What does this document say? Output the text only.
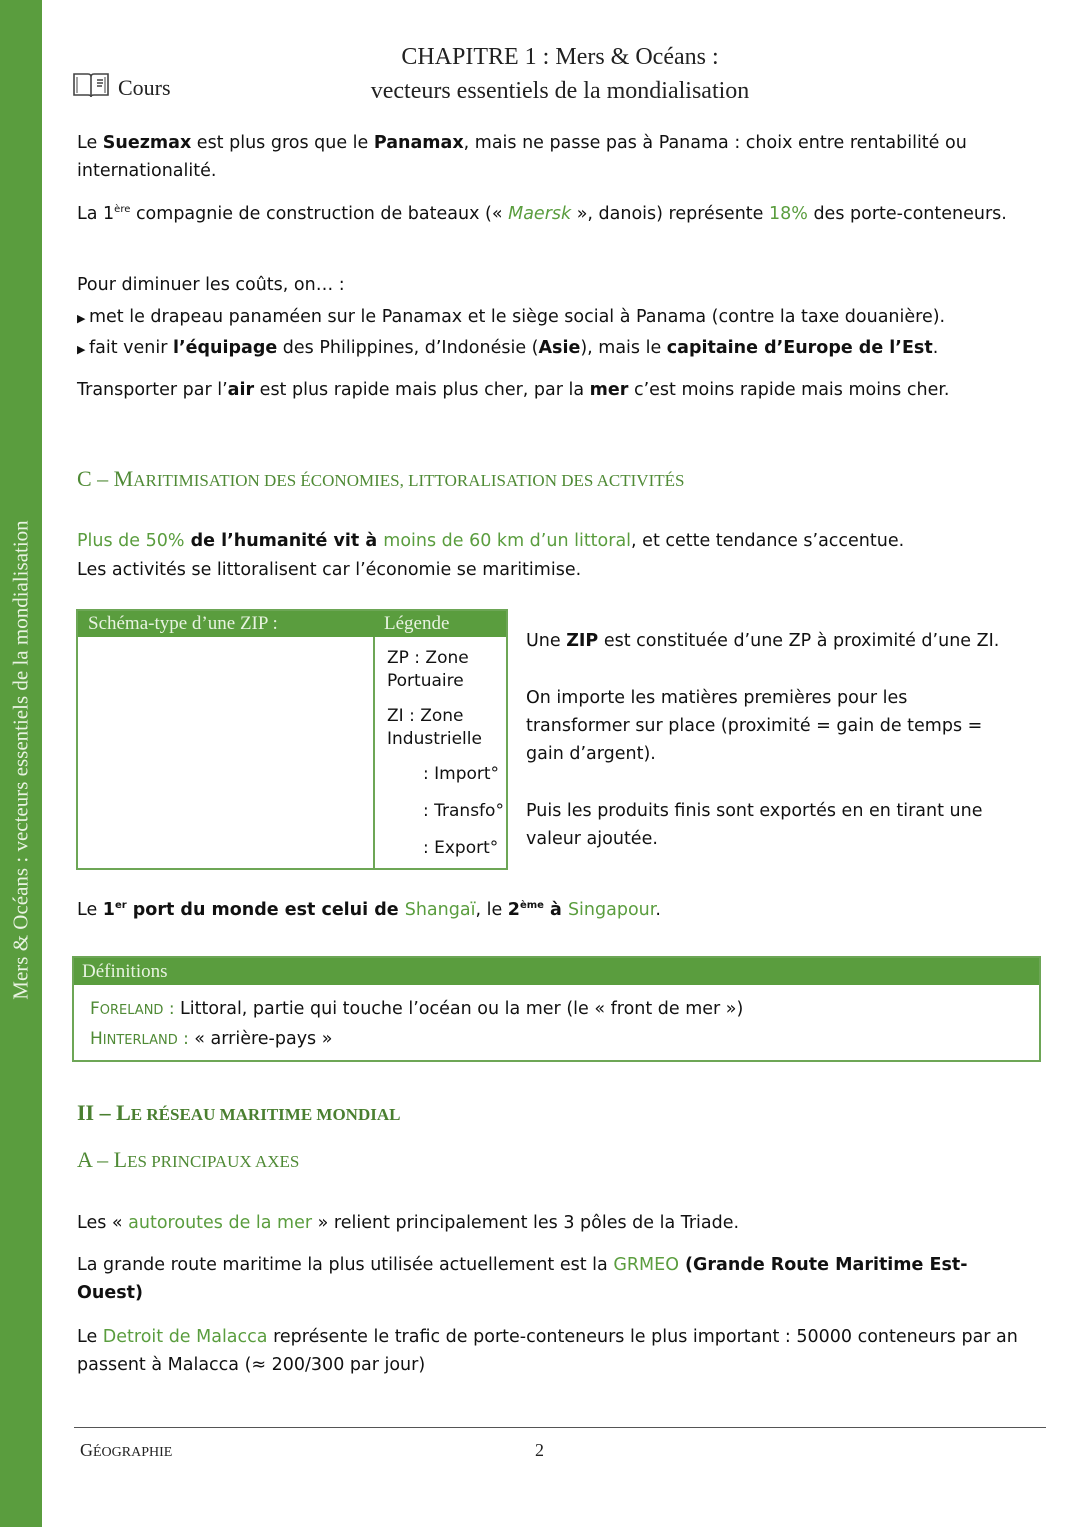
Mers & Océans : vecteurs essentiels de la mondialisation
Cours
CHAPITRE 1 : Mers & Océans :
vecteurs essentiels de la mondialisation

Le Suezmax est plus gros que le Panamax, mais ne passe pas à Panama : choix entre rentabilité ou internationalité.

La 1ère compagnie de construction de bateaux (« Maersk », danois) représente 18% des porte-conteneurs.

Pour diminuer les coûts, on… :

▶ met le drapeau panaméen sur le Panamax et le siège social à Panama (contre la taxe douanière).

▶ fait venir l’équipage des Philippines, d’Indonésie (Asie), mais le capitaine d’Europe de l’Est.

Transporter par l’air est plus rapide mais plus cher, par la mer c’est moins rapide mais moins cher.

C – MARITIMISATION DES ÉCONOMIES, LITTORALISATION DES ACTIVITÉS

Plus de 50% de l’humanité vit à moins de 60 km d’un littoral, et cette tendance s’accentue.

Les activités se littoralisent car l’économie se maritimise.

Schéma-type d’une ZIP :	Légende
ZP : Zone Portuaire
ZI : Zone Industrielle
: Import°
: Transfo°
: Export°

Une ZIP est constituée d’une ZP à proximité d’une ZI.

On importe les matières premières pour les transformer sur place (proximité = gain de temps = gain d’argent).

Puis les produits finis sont exportés en en tirant une valeur ajoutée.

Le 1er port du monde est celui de Shangaï, le 2ème à Singapour.

Définitions
FORELAND : Littoral, partie qui touche l’océan ou la mer (le « front de mer »)
HINTERLAND : « arrière-pays »
II – LE RÉSEAU MARITIME MONDIAL
A – LES PRINCIPAUX AXES

Les « autoroutes de la mer » relient principalement les 3 pôles de la Triade.

La grande route maritime la plus utilisée actuellement est la GRMEO (Grande Route Maritime Est-Ouest)

Le Detroit de Malacca représente le trafic de porte-conteneurs le plus important : 50000 conteneurs par an passent à Malacca (≈ 200/300 par jour)

GÉOGRAPHIE	2
